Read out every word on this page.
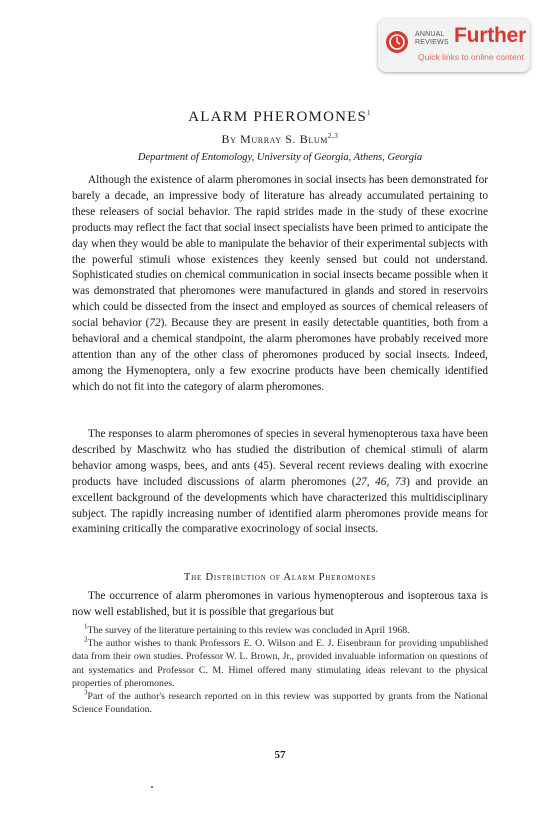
ANNUAL
REVIEWS Further
Quick links to online content
ALARM PHEROMONES$^1$
By Murray S. Blum$^{2,3}$
Department of Entomology, University of Georgia, Athens, Georgia

Although the existence of alarm pheromones in social insects has been demonstrated for barely a decade, an impressive body of literature has already accumulated pertaining to these releasers of social behavior. The rapid strides made in the study of these exocrine products may reflect the fact that social insect specialists have been primed to anticipate the day when they would be able to manipulate the behavior of their experimental subjects with the powerful stimuli whose existences they keenly sensed but could not understand. Sophisticated studies on chemical communication in social insects became possible when it was demonstrated that pheromones were manufactured in glands and stored in reservoirs which could be dissected from the insect and employed as sources of chemical releasers of social behavior (72). Because they are present in easily detectable quantities, both from a behavioral and a chemical standpoint, the alarm pheromones have probably received more attention than any of the other class of pheromones produced by social insects. Indeed, among the Hymenoptera, only a few exocrine products have been chemically identified which do not fit into the category of alarm pheromones.

The responses to alarm pheromones of species in several hymenopterous taxa have been described by Maschwitz who has studied the distribution of chemical stimuli of alarm behavior among wasps, bees, and ants (45). Several recent reviews dealing with exocrine products have included discussions of alarm pheromones (27, 46, 73) and provide an excellent background of the developments which have characterized this multidisciplinary subject. The rapidly increasing number of identified alarm pheromones provide means for examining critically the comparative exocrinology of social insects.

The Distribution of Alarm Pheromones

The occurrence of alarm pheromones in various hymenopterous and isopterous taxa is now well established, but it is possible that gregarious but

$^1$The survey of the literature pertaining to this review was concluded in April 1968.

$^2$The author wishes to thank Professors E. O. Wilson and E. J. Eisenbraun for providing unpublished data from their own studies. Professor W. L. Brown, Jr., provided invaluable information on questions of ant systematics and Professor C. M. Himel offered many stimulating ideas relevant to the physical properties of pheromones.

$^3$Part of the author's research reported on in this review was supported by grants from the National Science Foundation.

57
